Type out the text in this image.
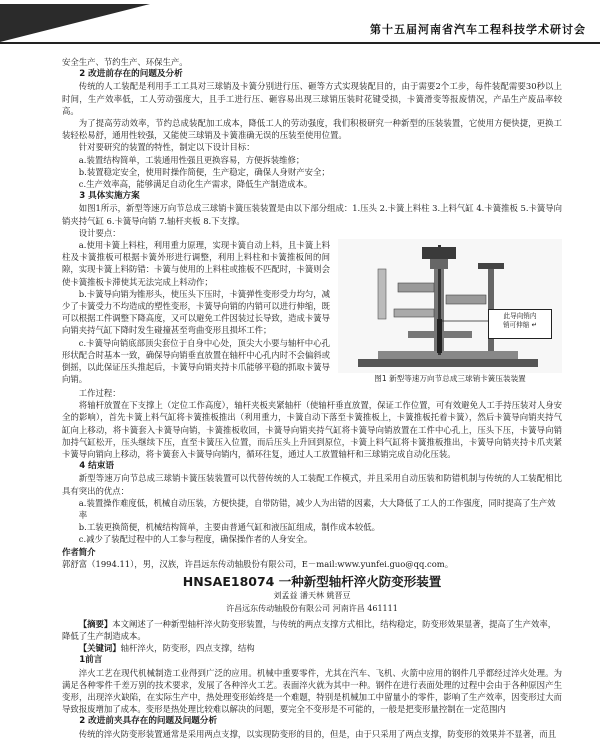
第十五届河南省汽车工程科技学术研讨会

安全生产、节约生产、环保生产。

2 改进前存在的问题及分析

传统的人工装配是利用手工工具对三球销及卡簧分别进行压、砸等方式实现装配目的，由于需要2个工步，每件装配需要30秒以上时间，生产效率低，工人劳动强度大，且手工进行压、砸容易出现三球销压装时花键受损，卡簧滑变等报废情况，产品生产废品率较高。

为了提高劳动效率，节约总成装配加工成本，降低工人的劳动强度，我们积极研究一种新型的压装装置，它使用方便快捷，更换工装轻松易舒，通用性较强，又能使三球销及卡簧准确无误的压装至使用位置。

针对要研究的装置的特性，制定以下设计目标：

a.装置结构简单，工装通用性强且更换容易，方便拆装维修；

b.装置稳定安全，使用时操作简便，生产稳定，确保人身财产安全；

c.生产效率高，能够满足自动化生产需求，降低生产制造成本。

3 具体实施方案

如图1所示，新型等速万向节总成三球销卡簧压装装置是由以下部分组成：1.压头 2.卡簧上料柱 3.上料气缸 4.卡簧推板 5.卡簧导向销夹持气缸 6.卡簧导向销 7.轴杆夹板 8.下支撑。

设计要点：

a.使用卡簧上料柱，利用重力原理，实现卡簧自动上料，且卡簧上料柱及卡簧推板可根据卡簧外形进行调整，利用上料柱和卡簧推板间的间隙，实现卡簧上料防错：卡簧与使用的上料柱或推板不匹配时，卡簧则会使卡簧推板卡滞使其无法完成上料动作；

b.卡簧导向销为锥形头，使压头下压时，卡簧弹性变形受力均匀，减少了卡簧受力不均造成的塑性变形，卡簧导向销的内销可以进行伸缩，既可以根据工件调整下降高度，又可以避免工件因装过长导致，造成卡簧导向销夹持气缸下降时发生碰撞甚至弯曲变形且损坏工件；

c.卡簧导向销底部顶尖套位于自身中心处，顶尖大小要与轴杆中心孔形状配合时基本一致，确保导向销垂直放置在轴杆中心孔内时不会偏斜或倒摇，以此保证压头推起后，卡簧导向销夹持卡爪能够平稳的抓取卡簧导向销。

此导向销内
销可伸缩 ↵
图1 新型等速万向节总成三球销卡簧压装装置

工作过程：

将轴杆放置在下支撑上（定位工作高度），轴杆夹板夹紧轴杆（使轴杆垂直放置，保证工作位置，可有效避免人工手持压装对人身安全的影响），首先卡簧上料气缸将卡簧推板推出（利用重力，卡簧自动下落至卡簧推板上，卡簧推板托着卡簧），然后卡簧导向销夹持气缸向上移动，将卡簧套入卡簧导向销，卡簧推板收回，卡簧导向销夹持气缸将卡簧导向销放置在工件中心孔上，压头下压，卡簧导向销加持气缸松开，压头继续下压，直至卡簧压入位置，而后压头上升回到原位，卡簧上料气缸将卡簧推板推出，卡簧导向销夹持卡爪夹紧卡簧导向销向上移动，将卡簧套入卡簧导向销内，循环往复，通过人工放置轴杆和三球销完成自动化压装。

4 结束语

新型等速万向节总成三球销卡簧压装装置可以代替传统的人工装配工作模式，并且采用自动压装和防错机制与传统的人工装配相比具有突出的优点：

a.装置操作难度低，机械自动压装，方便快捷，自带防错，减少人为出错的因素，大大降低了工人的工作强度，同时提高了生产效率

b.工装更换简便，机械结构简单，主要由普通气缸和液压缸组成，制作成本较低。

c.减少了装配过程中的人工参与程度，确保操作者的人身安全。

作者简介

郭舒富（1994.11），男，汉族，许昌远东传动轴股份有限公司，E－mail:www.yunfei.guo@qq.com。

HNSAE18074 一种新型轴杆淬火防变形装置

刘孟益 潘天林 姚晋豆

许昌远东传动轴股份有限公司 河南许昌 461111

【摘要】本文阐述了一种新型轴杆淬火防变形装置，与传统的两点支撑方式相比，结构稳定，防变形效果显著，提高了生产效率，降低了生产制造成本。

【关键词】轴杆淬火，防变形，四点支撑，结构

1前言

淬火工艺在现代机械制造工业得到广泛的应用。机械中重要零件，尤其在汽车、飞机、火箭中应用的钢件几乎都经过淬火处理。为满足各种零件千差万别的技术要求，发展了各种淬火工艺。表面淬火就为其中一种。钢件在进行表面处理的过程中会由于各种原因产生变形，出现淬火缺陷，在实际生产中，热处理变形始终是一个难题，特别是机械加工中留量小的零件，影响了生产效率，因变形过大而导致报废增加了成本。变形是热处理比较难以解决的问题，要完全不变形是不可能的，一般是把变形量控制在一定范围内

2 改进前夹具存在的问题及问题分析

传统的淬火防变形装置通常是采用两点支撑，以实现防变形的目的，但是，由于只采用了两点支撑，防变形的效果并不显著，而且
